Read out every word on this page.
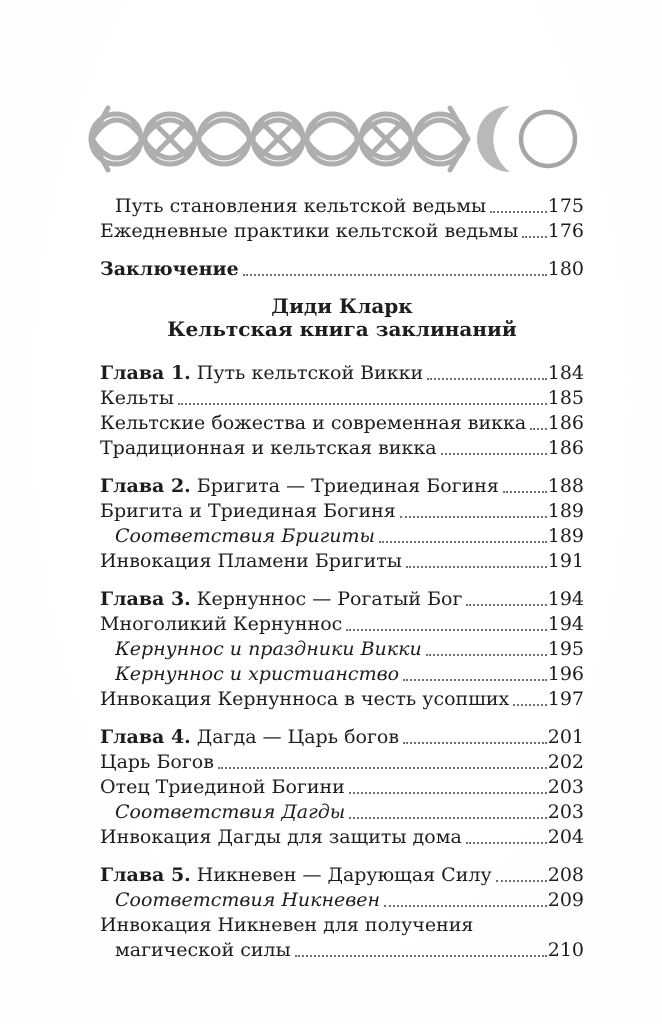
Путь становления кельтской ведьмы	175
Ежедневные практики кельтской ведьмы 176
Заключение	180
Диди Кларк
Кельтская книга заклинаний
Глава 1. Путь кельтской Викки	184
Кельты	185
Кельтские божества и современная викка 186
Традиционная и кельтская викка	186
Глава 2. Бригита — Триединая Богиня	188
Бригита и Триединая Богиня	189
Соответствия Бригиты	189
Инвокация Пламени Бригиты	191
Глава 3. Кернуннос — Рогатый Бог	194
Многоликий Кернуннос	194
Кернуннос и праздники Викки	195
Кернуннос и христианство	196
Инвокация Кернунноса в честь усопших 197
Глава 4. Дагда — Царь богов	201
Царь Богов	202
Отец Триединой Богини	203
Соответствия Дагды	203
Инвокация Дагды для защиты дома	204
Глава 5. Никневен — Дарующая Силу	208
Соответствия Никневен	209
Инвокация Никневен для получения
магической силы	210
